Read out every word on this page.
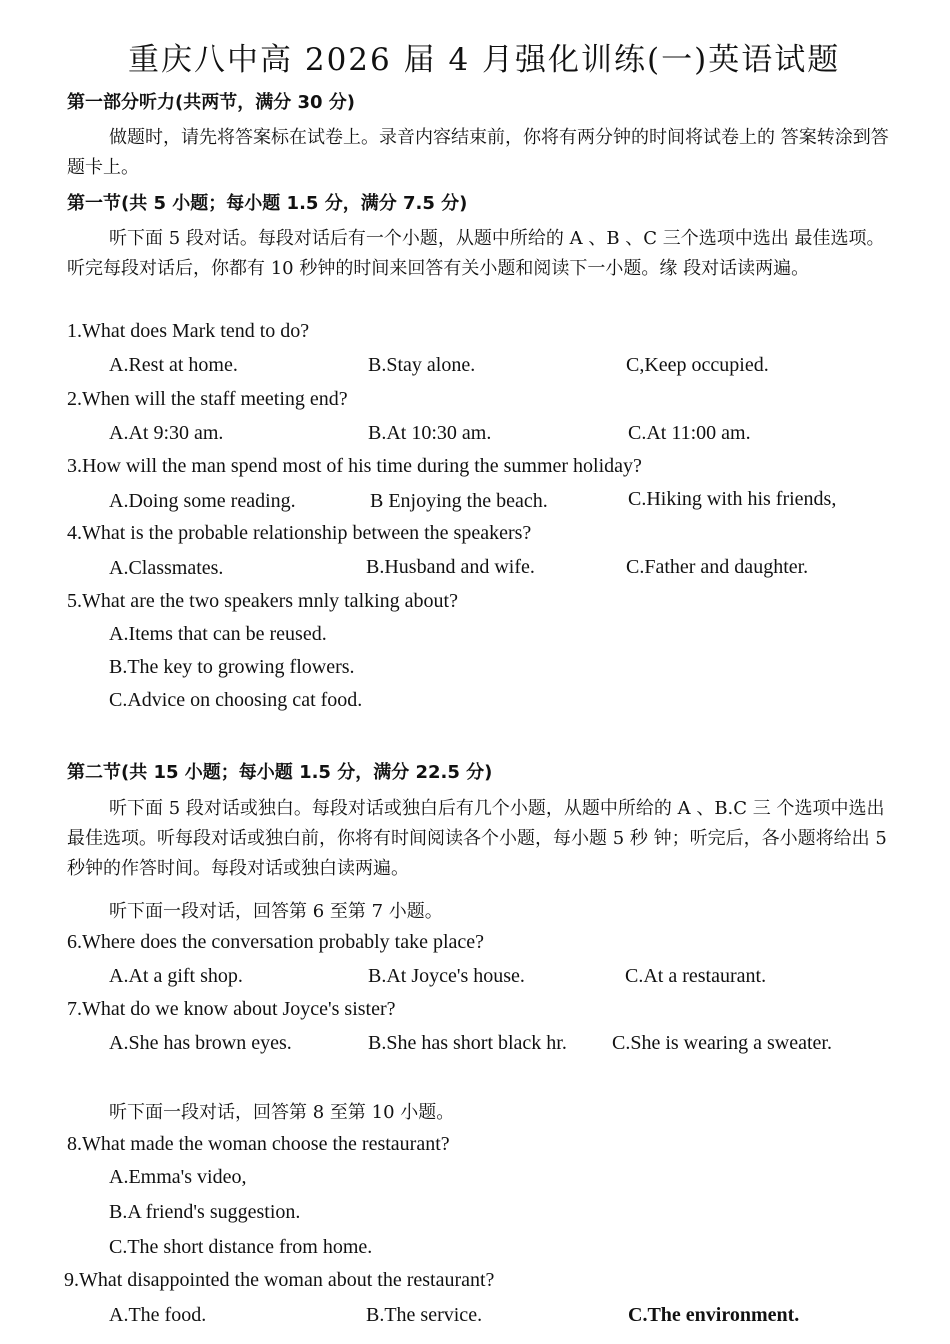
重庆八中高 2026 届 4 月强化训练(一)英语试题
第一部分听力(共两节，满分 30 分)
做题时，请先将答案标在试卷上。录音内容结束前，你将有两分钟的时间将试卷上的 答案转涂到答题卡上。
第一节(共 5 小题；每小题 1.5 分，满分 7.5 分)
听下面 5 段对话。每段对话后有一个小题，从题中所给的 A 、B 、C 三个选项中选出 最佳选项。听完每段对话后，你都有 10 秒钟的时间来回答有关小题和阅读下一小题。缘 段对话读两遍。
1.What does Mark tend to do?
A.Rest at home.	B.Stay alone.	C,Keep occupied.
2.When will the staff meeting end?
A.At 9:30 am.	B.At 10:30 am.	C.At 11:00 am.
3.How will the man spend most of his time during the summer holiday?
A.Doing some reading.	B Enjoying the beach.	C.Hiking with his friends,
4.What is the probable relationship between the speakers?
A.Classmates.	B.Husband and wife.	C.Father and daughter.
5.What are the two speakers mnly talking about?
A.Items that can be reused.
B.The key to growing flowers.
C.Advice on choosing cat food.
第二节(共 15 小题；每小题 1.5 分，满分 22.5 分)
听下面 5 段对话或独白。每段对话或独白后有几个小题，从题中所给的 A 、B.C 三 个选项中选出最佳选项。听每段对话或独白前，你将有时间阅读各个小题，每小题 5 秒 钟；听完后，各小题将给出 5 秒钟的作答时间。每段对话或独白读两遍。
听下面一段对话，回答第 6 至第 7 小题。
6.Where does the conversation probably take place?
A.At a gift shop.	B.At Joyce's house.	C.At a restaurant.
7.What do we know about Joyce's sister?
A.She has brown eyes.	B.She has short black hr. C.She is wearing a sweater.
听下面一段对话，回答第 8 至第 10 小题。
8.What made the woman choose the restaurant?
A.Emma's video,
B.A friend's suggestion.
C.The short distance from home.
9.What disappointed the woman about the restaurant?
A.The food.	B.The service.	C.The environment.
